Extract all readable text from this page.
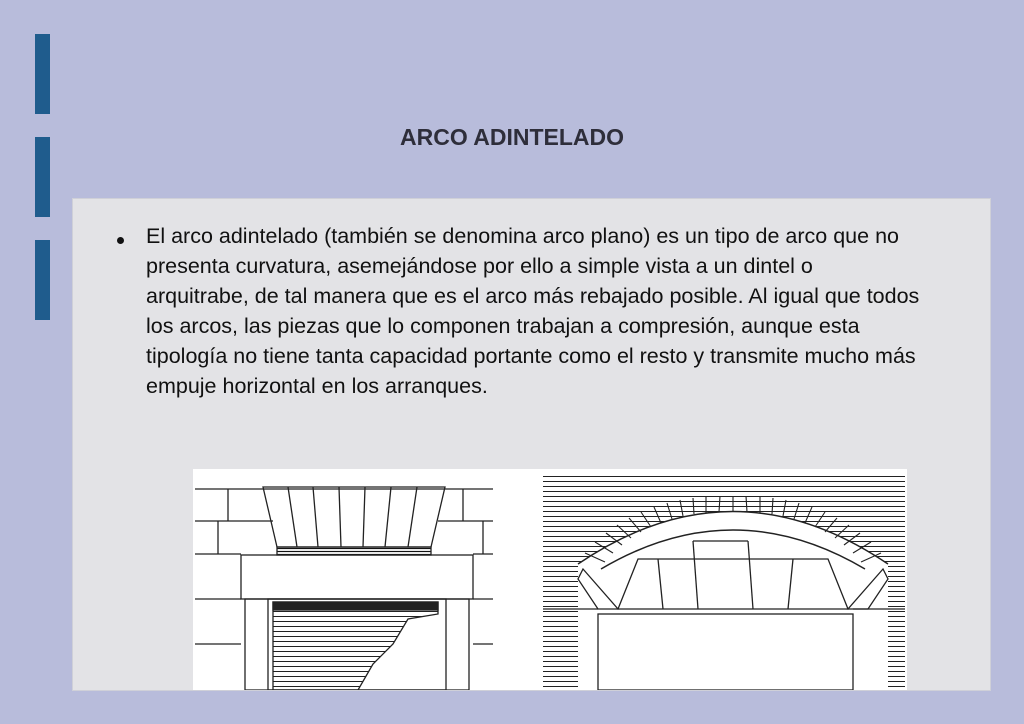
ARCO ADINTELADO
El arco adintelado (también se denomina arco plano) es un tipo de arco que no presenta curvatura, asemejándose por ello a simple vista a un dintel o arquitrabe, de tal manera que es el arco más rebajado posible. Al igual que todos los arcos, las piezas que lo componen trabajan a compresión, aunque esta tipología no tiene tanta capacidad portante como el resto y transmite mucho más empuje horizontal en los arranques.
